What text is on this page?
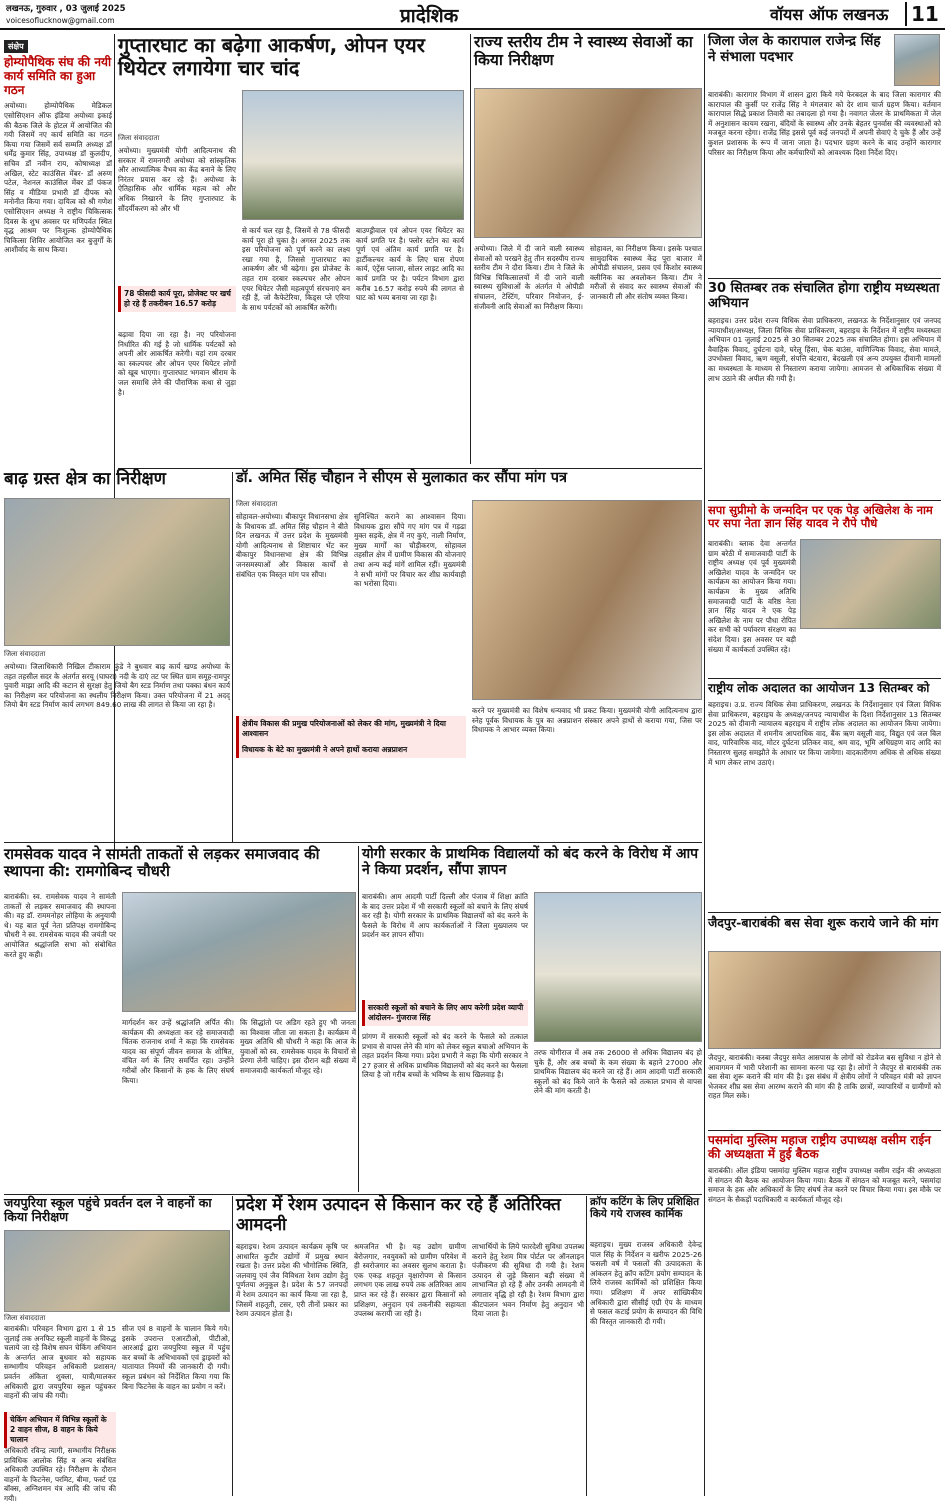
लखनऊ, गुरुवार , 03 जुलाई 2025
voicesoflucknow@gmail.com	प्रादेशिक	वॉयस ऑफ लखनऊ	11
संक्षेप
होम्योपैथिक संघ की नयी कार्य समिति का हुआ गठन
अयोध्या। होम्योपैथिक मेडिकल एसोसिएशन ऑफ इंडिया अयोध्या इकाई की बैठक जिले के होटल में आयोजित की गयी जिसमें नए कार्य समिति का गठन किया गया जिसमें सर्व सम्मति अध्यक्ष डॉ धर्मेंद्र कुमार सिंह, उपाध्यक्ष डॉ कुलदीप, सचिव डॉ नवीन राय, कोषाध्यक्ष डॉ अखिल, स्टेट काउंसिल मेंबर- डॉ अरुण पटेल, नेशनल काउंसिल मेंबर डॉ पंकज सिंह व मीडिया प्रभारी डॉ दीपक को मनोनीत किया गया। दायित्व को श्री गणेश एसोसिएशन अध्यक्ष ने राष्ट्रीय चिकित्सक दिवस के शुभ अवसर पर मणिपर्वत स्थित वृद्ध आश्रम पर निःशुल्क होम्योपैथिक चिकित्सा शिविर आयोजित कर बुजुर्गों के आशीर्वाद के साथ किया।
गुप्तारघाट का बढ़ेगा आकर्षण, ओपन एयर थियेटर लगायेगा चार चांद
जिला संवाददाता
अयोध्या। मुख्यमंत्री योगी आदित्यनाथ की सरकार में रामनगरी अयोध्या को सांस्कृतिक और आध्यात्मिक वैभव का केंद्र बनाने के लिए निरंतर प्रयास कर रहे हैं। अयोध्या के ऐतिहासिक और धार्मिक महत्व को और अधिक निखारने के लिए गुप्तारघाट के सौंदर्यीकरण को और भी
78 फीसदी कार्य पूरा, प्रोजेक्ट पर खर्च हो रहे हैं तकरीबन 16.57 करोड़
बढ़ावा दिया जा रहा है। नए परियोजना निर्धारित की गई है जो धार्मिक पर्यटकों को अपनी ओर आकर्षित करेगी। यहां राम दरबार का स्कल्पचर और ओपन एयर थियेटर लोगों को खूब भाएगा। गुप्तारघाट भगवान श्रीराम के जल समाधि लेने की पौराणिक कथा से जुड़ा है।
से कार्य चल रहा है, जिसमें से 78 फीसदी कार्य पूरा हो चुका है। अगस्त 2025 तक इस परियोजना को पूर्ण करने का लक्ष्य रखा गया है, जिससे गुप्तारघाट का आकर्षण और भी बढ़ेगा। इस प्रोजेक्ट के तहत राम दरबार स्कल्पचर और ओपन एयर थियेटर जैसी महत्वपूर्ण संरचनाएं बन रही हैं, जो कैफेटेरिया, किड्स प्ले एरिया के साथ पर्यटकों को आकर्षित करेंगी।
बाउण्ड्रीवाल एवं ओपन एयर थियेटर का कार्य प्रगति पर है। फ्लोर स्टोन का कार्य पूर्ण एवं अंतिम कार्य प्रगति पर है। हार्टीकल्चर कार्य के लिए घास रोपण कार्य, एंट्रेंस प्लाजा, सोलर लाइट आदि का कार्य प्रगति पर है। पर्यटन विभाग द्वारा करीब 16.57 करोड़ रुपये की लागत से घाट को भव्य बनाया जा रहा है।
राज्य स्तरीय टीम ने स्वास्थ्य सेवाओं का किया निरीक्षण
अयोध्या। जिले में दी जाने वाली स्वास्थ्य सेवाओं को परखने हेतु तीन सदस्यीय राज्य स्तरीय टीम ने दौरा किया। टीम ने जिले के विभिन्न चिकित्सालयों में दी जाने वाली स्वास्थ्य सुविधाओं के अंतर्गत मे ओपीडी संचालन, टेस्टिंग, परिवार नियोजन, ई-संजीवनी आदि सेवाओं का निरीक्षण किया।
सोहावल, का निरीक्षण किया। इसके पश्चात सामुदायिक स्वास्थ्य केंद्र पूरा बाजार में ओपीडी संचालन, प्रसव एवं किशोर स्वास्थ्य क्लीनिक का अवलोकन किया। टीम ने मरीजों से संवाद कर स्वास्थ्य सेवाओं की जानकारी ली और संतोष व्यक्त किया।
जिला जेल के कारापाल राजेन्द्र सिंह ने संभाला पदभार
बाराबंकी। कारागार विभाग में शासन द्वारा किये गये फेरबदल के बाद जिला कारागार की कारापाल की कुर्सी पर राजेंद्र सिंह ने मंगलवार को देर शाम चार्ज ग्रहण किया। वर्तमान कारापाल सिद्धे प्रकाश तिवारी का तबादला हो गया है। नवागत जेलर के प्राथमिकता में जेल में अनुशासन कायम रखना, बंदियों के स्वास्थ्य और उनके बेहतर पुनर्वास की व्यवस्थाओं को मजबूत करना रहेगा। राजेंद्र सिंह इससे पूर्व कई जनपदों में अपनी सेवाएं दे चुके हैं और उन्हें कुशल प्रशासक के रूप में जाना जाता है। पदभार ग्रहण करने के बाद उन्होंने कारागार परिसर का निरीक्षण किया और कर्मचारियों को आवश्यक दिशा निर्देश दिए।
30 सितम्बर तक संचालित होगा राष्ट्रीय मध्यस्थता अभियान
बहराइच। उत्तर प्रदेश राज्य विधिक सेवा प्राधिकरण, लखनऊ के निर्देशानुसार एवं जनपद न्यायाधीश/अध्यक्ष, जिला विधिक सेवा प्राधिकरण, बहराइच के निर्देशन में राष्ट्रीय मध्यस्थता अभियान 01 जुलाई 2025 से 30 सितम्बर 2025 तक संचालित होगा। इस अभियान में वैवाहिक विवाद, दुर्घटना दावे, घरेलू हिंसा, चेक बाउंस, वाणिज्यिक विवाद, सेवा मामले, उपभोक्ता विवाद, ऋण वसूली, संपत्ति बंटवारा, बेदखली एवं अन्य उपयुक्त दीवानी मामलों का मध्यस्थता के माध्यम से निस्तारण कराया जायेगा। आमजन से अधिकाधिक संख्या में लाभ उठाने की अपील की गयी है।
बाढ़ ग्रस्त क्षेत्र का निरीक्षण
जिला संवाददाता
अयोध्या। जिलाधिकारी निखिल टीकाराम फुंडे ने बुधवार बाढ़ कार्य खण्ड अयोध्या के तहत तहसील सदर के अंतर्गत सरयू (घाघरा) नदी के दाएं तट पर स्थित ग्राम समूह-रामपुर पुवारी माझा आदि की कटान से सुरक्षा हेतु जियो बैग स्टड निर्माण तथा पक्का बंधन कार्य का निरीक्षण कर परियोजना का स्थलीय निरीक्षण किया। उक्त परियोजना में 21 अदद् जियो बैग स्टड निर्माण कार्य लगभग 849.60 लाख की लागत से किया जा रहा है।
डॉ. अमित सिंह चौहान ने सीएम से मुलाकात कर सौंपा मांग पत्र
जिला संवाददाता
सोहावल-अयोध्या। बीकापुर विधानसभा क्षेत्र के विधायक डॉ. अमित सिंह चौहान ने बीते दिन लखनऊ में उत्तर प्रदेश के मुख्यमंत्री योगी आदित्यनाथ से शिष्टाचार भेंट कर बीकापुर विधानसभा क्षेत्र की विभिन्न जनसमस्याओं और विकास कार्यों से संबंधित एक विस्तृत मांग पत्र सौंपा।
सुनिश्चित कराने का आश्वासन दिया। विधायक द्वारा सौंपे गए मांग पत्र में गड़ढा मुक्त सड़कें, क्षेत्र में नए कुएं, नाली निर्माण, मुख्य मार्गों का चौड़ीकरण, सोहावल तहसील क्षेत्र में ग्रामीण विकास की योजनाएं तथा अन्य कई मांगें शामिल रहीं। मुख्यमंत्री ने सभी मांगों पर विचार कर शीघ्र कार्यवाही का भरोसा दिया।
क्षेत्रीय विकास की प्रमुख परियोजनाओं को लेकर की मांग, मुख्यमंत्री ने दिया आश्वासन
विधायक के बेटे का मुख्यमंत्री ने अपने हाथों कराया अन्नप्राशन
करने पर मुख्यमंत्री का विशेष धन्यवाद भी प्रकट किया। मुख्यमंत्री योगी आदित्यनाथ द्वारा स्नेह पूर्वक विधायक के पुत्र का अन्नप्राशन संस्कार अपने हाथों से कराया गया, जिस पर विधायक ने आभार व्यक्त किया।
सपा सुप्रीमो के जन्मदिन पर एक पेड़ अखिलेश के नाम पर सपा नेता ज्ञान सिंह यादव ने रौपे पौधे
बाराबंकी। ब्लाक देवा अन्तर्गत ग्राम बरेठी में समाजवादी पार्टी के राष्ट्रीय अध्यक्ष एवं पूर्व मुख्यमंत्री अखिलेश यादव के जन्मदिन पर कार्यक्रम का आयोजन किया गया। कार्यक्रम के मुख्य अतिथि समाजवादी पार्टी के वरिष्ठ नेता ज्ञान सिंह यादव ने एक पेड़ अखिलेश के नाम पर पौधा रोपित कर सभी को पर्यावरण संरक्षण का संदेश दिया। इस अवसर पर बड़ी संख्या में कार्यकर्ता उपस्थित रहे।
राष्ट्रीय लोक अदालत का आयोजन 13 सितम्बर को
बहराइच। उ.प्र. राज्य विधिक सेवा प्राधिकरण, लखनऊ के निर्देशानुसार एवं जिला विधिक सेवा प्राधिकरण, बहराइच के अध्यक्ष/जनपद न्यायाधीश के दिशा निर्देशानुसार 13 सितम्बर 2025 को दीवानी न्यायालय बहराइच में राष्ट्रीय लोक अदालत का आयोजन किया जायेगा। इस लोक अदालत में शमनीय आपराधिक वाद, बैंक ऋण वसूली वाद, विद्युत एवं जल बिल वाद, पारिवारिक वाद, मोटर दुर्घटना प्रतिकर वाद, श्रम वाद, भूमि अधिग्रहण वाद आदि का निस्तारण सुलह समझौते के आधार पर किया जायेगा। वादकारीगण अधिक से अधिक संख्या में भाग लेकर लाभ उठाएं।
रामसेवक यादव ने सामंती ताकतों से लड़कर समाजवाद की स्थापना की: रामगोबिन्द चौधरी
बाराबंकी। स्व. रामसेवक यादव ने सामंती ताकतों से लड़कर समाजवाद की स्थापना की। वह डॉ. राममनोहर लोहिया के अनुयायी थे। यह बात पूर्व नेता प्रतिपक्ष रामगोबिन्द चौधरी ने स्व. रामसेवक यादव की जयंती पर आयोजित श्रद्धांजलि सभा को संबोधित करते हुए कही।
मार्गदर्शन कर उन्हें श्रद्धांजलि अर्पित की। कार्यक्रम की अध्यक्षता कर रहे समाजवादी चिंतक राजनाथ शर्मा ने कहा कि रामसेवक यादव का संपूर्ण जीवन समाज के शोषित, वंचित वर्ग के लिए समर्पित रहा। उन्होंने गरीबों और किसानों के हक के लिए संघर्ष किया।
कि सिद्धांतो पर अडिग रहते हुए भी जनता का विश्वास जीता जा सकता है। कार्यक्रम में मुख्य अतिथि श्री चौधरी ने कहा कि आज के युवाओं को स्व. रामसेवक यादव के विचारों से प्रेरणा लेनी चाहिए। इस दौरान बड़ी संख्या में समाजवादी कार्यकर्ता मौजूद रहे।
योगी सरकार के प्राथमिक विद्यालयों को बंद करने के विरोध में आप ने किया प्रदर्शन, सौंपा ज्ञापन
बाराबंकी। आम आदमी पार्टी दिल्ली और पंजाब में शिक्षा क्रांति के बाद उत्तर प्रदेश में भी सरकारी स्कूलों को बचाने के लिए संघर्ष कर रही है। योगी सरकार के प्राथमिक विद्यालयों को बंद करने के फैसले के विरोध में आप कार्यकर्ताओं ने जिला मुख्यालय पर प्रदर्शन कर ज्ञापन सौंपा।
सरकारी स्कूलों को बचाने के लिए आप करेगी प्रदेश व्यापी आंदोलन- गुंजराज सिंह
प्रांगण में सरकारी स्कूलों को बंद करने के फैसले को तत्काल प्रभाव से वापस लेने की मांग को लेकर स्कूल बचाओ अभियान के तहत प्रदर्शन किया गया। प्रदेश प्रभारी ने कहा कि योगी सरकार ने 27 हजार से अधिक प्राथमिक विद्यालयों को बंद करने का फैसला लिया है जो गरीब बच्चों के भविष्य के साथ खिलवाड़ है।
तरफ योगीराज में अब तक 26000 से अधिक विद्यालय बंद हो चुके हैं, और अब बच्चों के कम संख्या के बहाने 27000 और प्राथमिक विद्यालय बंद करने जा रहे हैं। आम आदमी पार्टी सरकारी स्कूलों को बंद किये जाने के फैसले को तत्काल प्रभाव से वापस लेने की मांग करती है।
जैदपुर-बाराबंकी बस सेवा शुरू कराये जाने की मांग
जैदपुर, बाराबंकी। कस्बा जैदपुर समेत आसपास के लोगों को रोडवेज बस सुविधा न होने से आवागमन में भारी परेशानी का सामना करना पड़ रहा है। लोगों ने जैदपुर से बाराबंकी तक बस सेवा शुरू कराने की मांग की है। इस संबंध में क्षेत्रीय लोगों ने परिवहन मंत्री को ज्ञापन भेजकर शीघ्र बस सेवा आरम्भ कराने की मांग की है ताकि छात्रों, व्यापारियों व ग्रामीणों को राहत मिल सके।
पसमांदा मुस्लिम महाज राष्ट्रीय उपाध्यक्ष वसीम राईन की अध्यक्षता में हुई बैठक
बाराबंकी। ऑल इंडिया पसमांदा मुस्लिम महाज राष्ट्रीय उपाध्यक्ष वसीम राईन की अध्यक्षता में संगठन की बैठक का आयोजन किया गया। बैठक में संगठन को मजबूत करने, पसमांदा समाज के हक और अधिकारों के लिए संघर्ष तेज करने पर विचार किया गया। इस मौके पर संगठन के सैकड़ों पदाधिकारी व कार्यकर्ता मौजूद रहे।
जयपुरिया स्कूल पहुंचे प्रवर्तन दल ने वाहनों का किया निरीक्षण
जिला संवाददाता
बाराबंकी। परिवहन विभाग द्वारा 1 से 15 जुलाई तक अनफिट स्कूली वाहनों के विरुद्ध चलाये जा रहे विशेष सघन चेकिंग अभियान के अन्तर्गत आज बुधवार को सहायक सम्भागीय परिवहन अधिकारी प्रशासन/प्रवर्तन अंकिता शुक्ला, यात्री/मालकर अधिकारी द्वारा जयपुरिया स्कूल पहुंचकर वाहनों की जांच की गयी।
चेकिंग अभियान में विभिन्न स्कूलों के 2 वाहन सीज, 8 वाहन के किये चालान
अधिकारी रविन्द्र त्यागी, सम्भागीय निरीक्षक प्राविधिक आलोक सिंह व अन्य संबंधित अधिकारी उपस्थित रहे। निरीक्षण के दौरान वाहनों के फिटनेस, परमिट, बीमा, फर्स्ट एड बॉक्स, अग्निशमन यंत्र आदि की जांच की गयी।
सीज एवं 8 वाहनों के चालान किये गये। इसके उपरान्त एआरटीओ, पीटीओ, आरआई द्वारा जयपुरिया स्कूल में पहुंच कर बच्चों के अभिभावकों एवं ड्राइवरों को यातायात नियमों की जानकारी दी गयी। स्कूल प्रबंधन को निर्देशित किया गया कि बिना फिटनेस के वाहन का प्रयोग न करें।
प्रदेश में रेशम उत्पादन से किसान कर रहे हैं अतिरिक्त आमदनी
बहराइच। रेशम उत्पादन कार्यक्रम कृषि पर आधारित कुटीर उद्योगों में प्रमुख स्थान रखता है। उत्तर प्रदेश की भौगोलिक स्थिति, जलवायु एवं जैव विविधता रेशम उद्योग हेतु पूर्णतया अनुकूल है। प्रदेश के 57 जनपदों में रेशम उत्पादन का कार्य किया जा रहा है, जिसमें शहतूती, टसर, एरी तीनों प्रकार का रेशम उत्पादन होता है।
श्रमजनित भी है। यह उद्योग ग्रामीण बेरोजगार, नवयुवकों को ग्रामीण परिवेश में ही स्वरोजगार का अवसर सुलभ कराता है। एक एकड़ शहतूत वृक्षारोपण से किसान लगभग एक लाख रुपये तक अतिरिक्त आय प्राप्त कर रहे हैं। सरकार द्वारा किसानों को प्रशिक्षण, अनुदान एवं तकनीकी सहायता उपलब्ध करायी जा रही है।
लाभार्थियों के लिये फारदेशी सुविधा उपलब्ध कराने हेतु रेशम मित्र पोर्टल पर ऑनलाइन पंजीकरण की सुविधा दी गयी है। रेशम उत्पादन से जुड़े किसान बड़ी संख्या में लाभान्वित हो रहे हैं और उनकी आमदनी में लगातार वृद्धि हो रही है। रेशम विभाग द्वारा कीटपालन भवन निर्माण हेतु अनुदान भी दिया जाता है।
क्रॉप कटिंग के लिए प्रशिक्षित किये गये राजस्व कार्मिक
बहराइच। मुख्य राजस्व अधिकारी देवेन्द्र पाल सिंह के निर्देशन व खरीफ 2025-26 फसली वर्ष में फसलों की उत्पादकता के आंकलन हेतु क्रॉप कटिंग प्रयोग सम्पादन के लिये राजस्व कार्मिकों को प्रशिक्षित किया गया। प्रशिक्षण में अपर सांख्यिकीय अधिकारी द्वारा सीसीई एग्री ऐप के माध्यम से फसल कटाई प्रयोग के सम्पादन की विधि की विस्तृत जानकारी दी गयी।
